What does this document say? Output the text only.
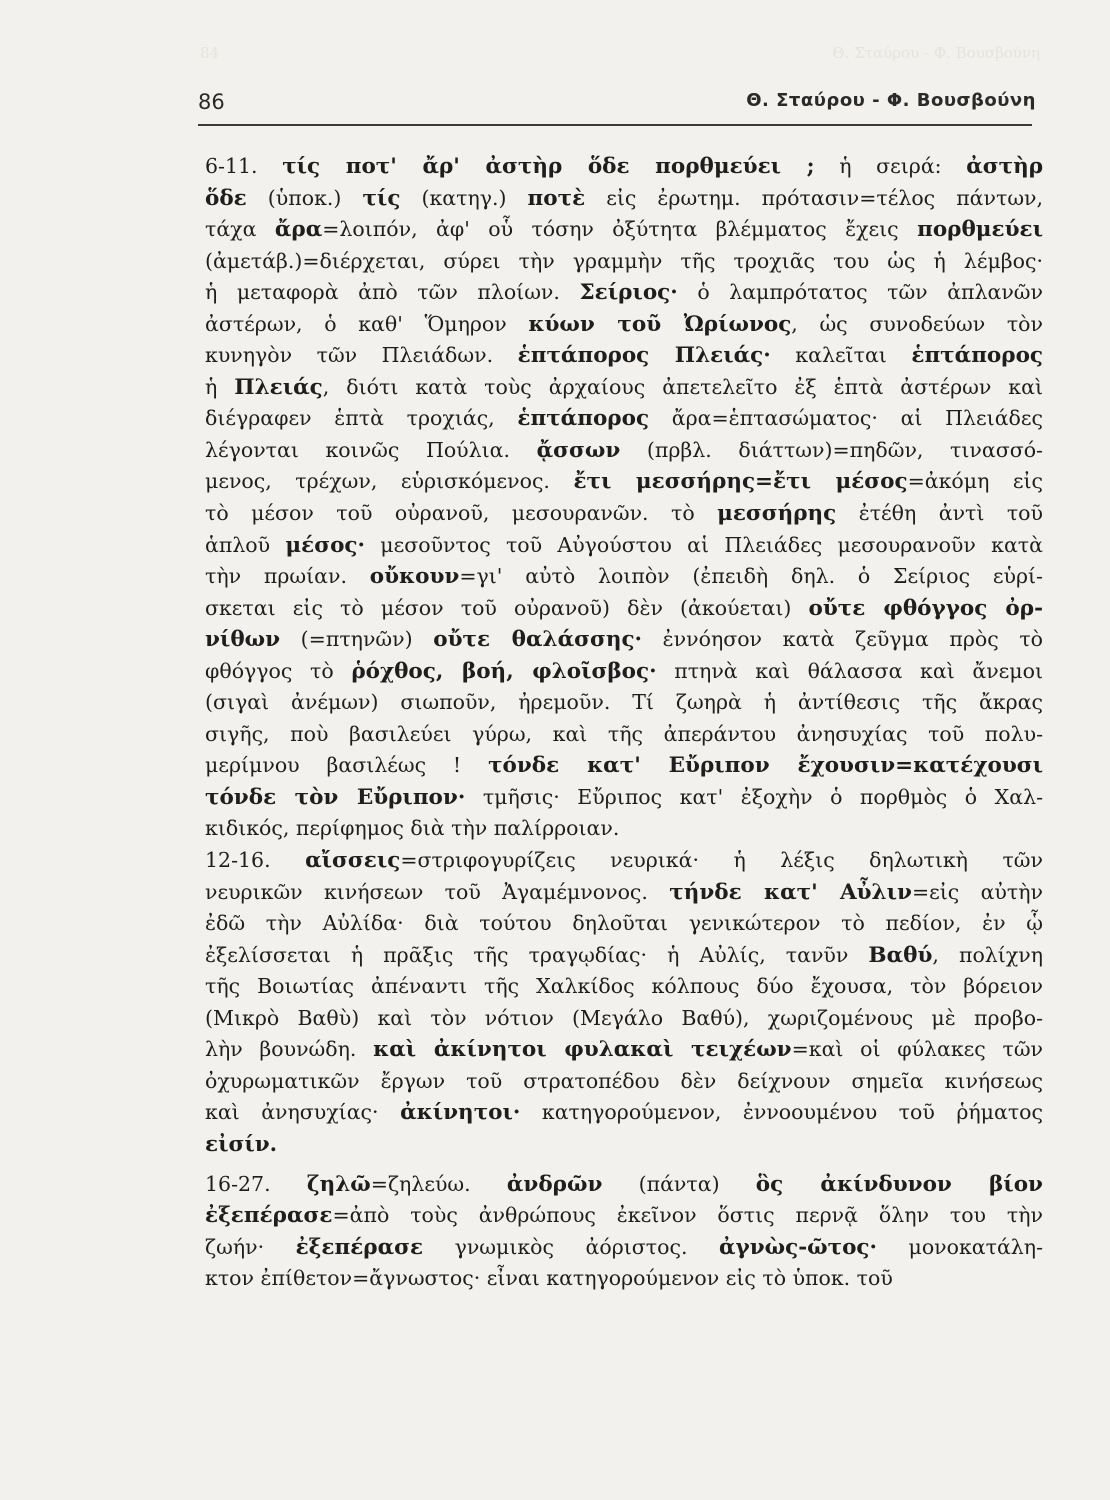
84	Θ. Σταύρου - Φ. Βουσβούνη
86	Θ. Σταύρου - Φ. Βουσβούνη
6-11. τίς ποτ' ἄρ' ἀστὴρ ὅδε πορθμεύει ; ἡ σειρά: ἀστὴρ
ὅδε (ὑποκ.) τίς (κατηγ.) ποτὲ εἰς ἐρωτημ. πρότασιν=τέλος πάντων,
τάχα ἄρα=λοιπόν, ἀφ' οὗ τόσην ὀξύτητα βλέμματος ἔχεις πορθμεύει
(ἀμετάβ.)=διέρχεται, σύρει τὴν γραμμὴν τῆς τροχιᾶς του ὡς ἡ λέμβος·
ἡ μεταφορὰ ἀπὸ τῶν πλοίων. Σείριος· ὁ λαμπρότατος τῶν ἀπλανῶν
ἀστέρων, ὁ καθ' Ὅμηρον κύων τοῦ Ὠρίωνος, ὡς συνοδεύων τὸν
κυνηγὸν τῶν Πλειάδων. ἑπτάπορος Πλειάς· καλεῖται ἑπτάπορος
ἡ Πλειάς, διότι κατὰ τοὺς ἀρχαίους ἀπετελεῖτο ἐξ ἑπτὰ ἀστέρων καὶ
διέγραφεν ἑπτὰ τροχιάς, ἑπτάπορος ἄρα=ἑπτασώματος· αἱ Πλειάδες
λέγονται κοινῶς Πούλια. ᾄσσων (πρβλ. διάττων)=πηδῶν, τινασσό-
μενος, τρέχων, εὑρισκόμενος. ἔτι μεσσήρης=ἔτι μέσος=ἀκόμη εἰς
τὸ μέσον τοῦ οὐρανοῦ, μεσουρανῶν. τὸ μεσσήρης ἐτέθη ἀντὶ τοῦ
ἁπλοῦ μέσος· μεσοῦντος τοῦ Αὐγούστου αἱ Πλειάδες μεσουρανοῦν κατὰ
τὴν πρωίαν. οὔκουν=γι' αὐτὸ λοιπὸν (ἐπειδὴ δηλ. ὁ Σείριος εὑρί-
σκεται εἰς τὸ μέσον τοῦ οὐρανοῦ) δὲν (ἀκούεται) οὔτε φθόγγος ὀρ-
νίθων (=πτηνῶν) οὔτε θαλάσσης· ἐννόησον κατὰ ζεῦγμα πρὸς τὸ
φθόγγος τὸ ῥόχθος, βοή, φλοῖσβος· πτηνὰ καὶ θάλασσα καὶ ἄνεμοι
(σιγαὶ ἀνέμων) σιωποῦν, ἠρεμοῦν. Τί ζωηρὰ ἡ ἀντίθεσις τῆς ἄκρας
σιγῆς, ποὺ βασιλεύει γύρω, καὶ τῆς ἀπεράντου ἀνησυχίας τοῦ πολυ-
μερίμνου βασιλέως ! τόνδε κατ' Εὔριπον ἔχουσιν=κατέχουσι
τόνδε τὸν Εὔριπον· τμῆσις· Εὔριπος κατ' ἐξοχὴν ὁ πορθμὸς ὁ Χαλ-
κιδικός, περίφημος διὰ τὴν παλίρροιαν.
12-16. αἴσσεις=στριφογυρίζεις νευρικά· ἡ λέξις δηλωτικὴ τῶν
νευρικῶν κινήσεων τοῦ Ἀγαμέμνονος. τήνδε κατ' Αὖλιν=εἰς αὐτὴν
ἐδῶ τὴν Αὐλίδα· διὰ τούτου δηλοῦται γενικώτερον τὸ πεδίον, ἐν ᾧ
ἐξελίσσεται ἡ πρᾶξις τῆς τραγῳδίας· ἡ Αὐλίς, τανῦν Βαθύ, πολίχνη
τῆς Βοιωτίας ἀπέναντι τῆς Χαλκίδος κόλπους δύο ἔχουσα, τὸν βόρειον
(Μικρὸ Βαθὺ) καὶ τὸν νότιον (Μεγάλο Βαθύ), χωριζομένους μὲ προβο-
λὴν βουνώδη. καὶ ἀκίνητοι φυλακαὶ τειχέων=καὶ οἱ φύλακες τῶν
ὀχυρωματικῶν ἔργων τοῦ στρατοπέδου δὲν δείχνουν σημεῖα κινήσεως
καὶ ἀνησυχίας· ἀκίνητοι· κατηγορούμενον, ἐννοουμένου τοῦ ῥήματος
εἰσίν.
16-27. ζηλῶ=ζηλεύω. ἀνδρῶν (πάντα) ὃς ἀκίνδυνον βίον
ἐξεπέρασε=ἀπὸ τοὺς ἀνθρώπους ἐκεῖνον ὅστις περνᾷ ὅλην του τὴν
ζωήν· ἐξεπέρασε γνωμικὸς ἀόριστος. ἀγνὼς-ῶτος· μονοκατάλη-
κτον ἐπίθετον=ἄγνωστος· εἶναι κατηγορούμενον εἰς τὸ ὑποκ. τοῦ
